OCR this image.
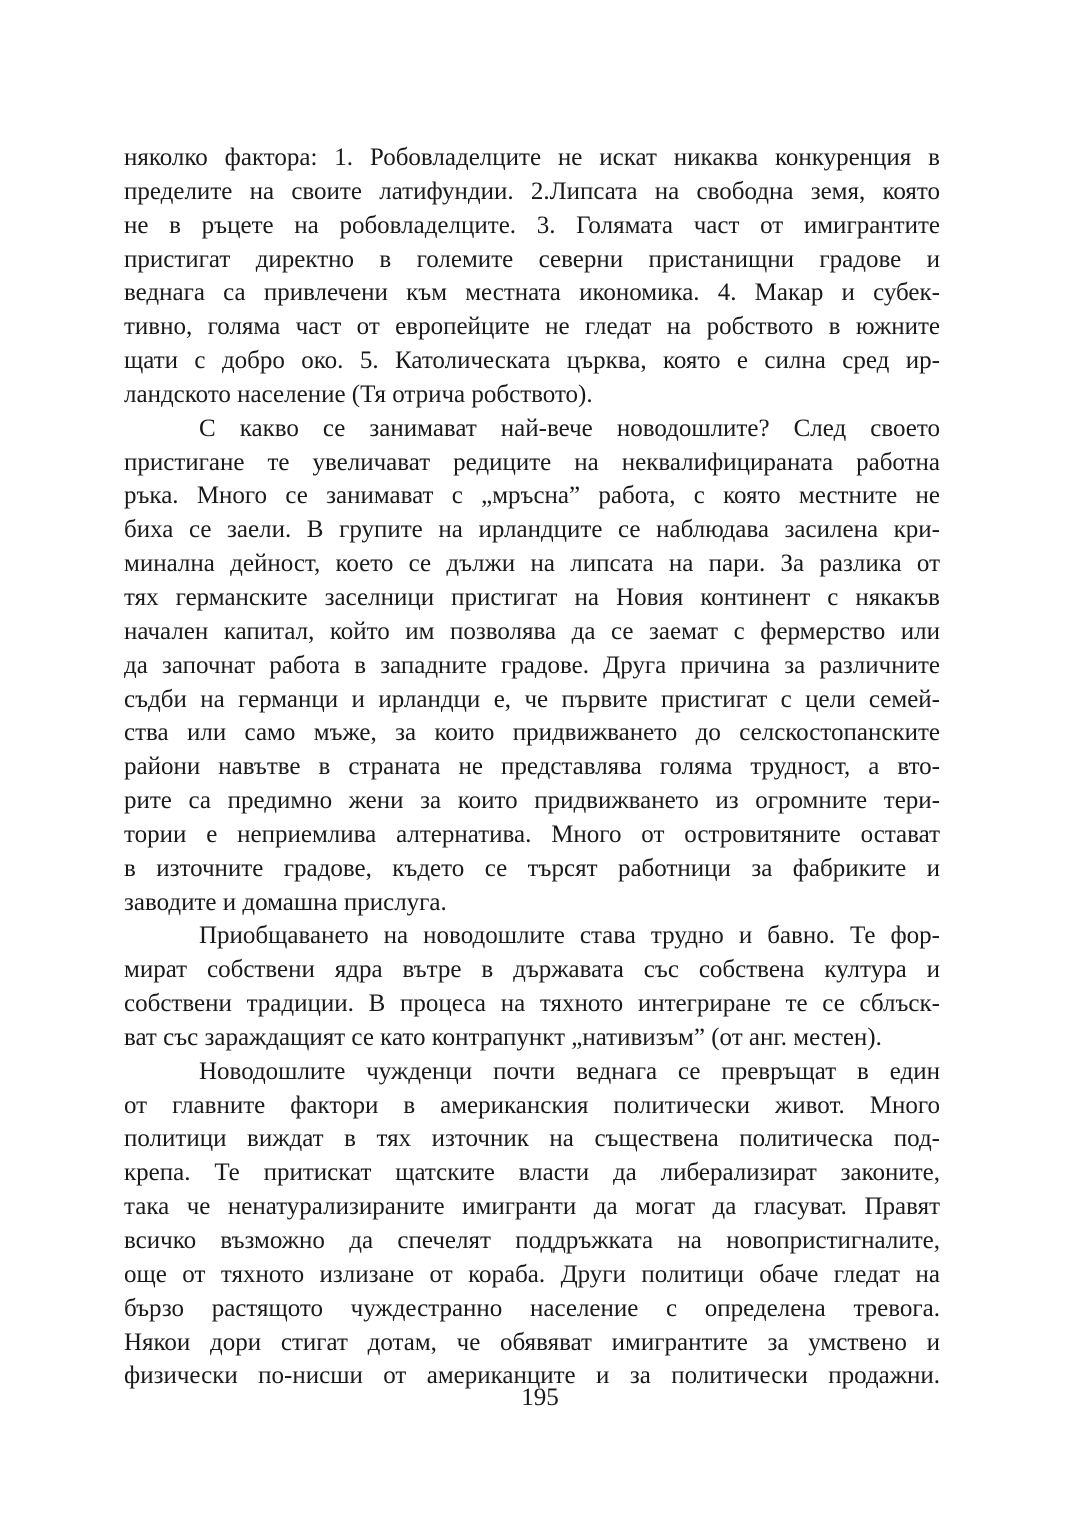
няколко фактора: 1. Робовладелците не искат никаква конкуренция в
пределите на своите латифундии. 2.Липсата на свободна земя, която
не в ръцете на робовладелците. 3. Голямата част от имигрантите
пристигат директно в големите северни пристанищни градове и
веднага са привлечени към местната икономика. 4. Макар и субек-
тивно, голяма част от европейците не гледат на робството в южните
щати с добро око. 5. Католическата църква, която е силна сред ир-
ландското население (Тя отрича робството).
С какво се занимават най-вече новодошлите? След своето
пристигане те увеличават редиците на неквалифицираната работна
ръка. Много се занимават с „мръсна” работа, с която местните не
биха се заели. В групите на ирландците се наблюдава засилена кри-
минална дейност, което се дължи на липсата на пари. За разлика от
тях германските заселници пристигат на Новия континент с някакъв
начален капитал, който им позволява да се заемат с фермерство или
да започнат работа в западните градове. Друга причина за различните
съдби на германци и ирландци е, че първите пристигат с цели семей-
ства или само мъже, за които придвижването до селскостопанските
райони навътве в страната не представлява голяма трудност, а вто-
рите са предимно жени за които придвижването из огромните тери-
тории е неприемлива алтернатива. Много от островитяните остават
в източните градове, където се търсят работници за фабриките и
заводите и домашна прислуга.
Приобщаването на новодошлите става трудно и бавно. Те фор-
мират собствени ядра вътре в държавата със собствена култура и
собствени традиции. В процеса на тяхното интегриране те се сблъск-
ват със зараждащият се като контрапункт „нативизъм” (от анг. местен).
Новодошлите чужденци почти веднага се превръщат в един
от главните фактори в американския политически живот. Много
политици виждат в тях източник на съществена политическа под-
крепа. Те притискат щатските власти да либерализират законите,
така че ненатурализираните имигранти да могат да гласуват. Правят
всичко възможно да спечелят поддръжката на новопристигналите,
още от тяхното излизане от кораба. Други политици обаче гледат на
бързо растящото чуждестранно население с определена тревога.
Някои дори стигат дотам, че обявяват имигрантите за умствено и
физически по-нисши от американците и за политически продажни.
195
